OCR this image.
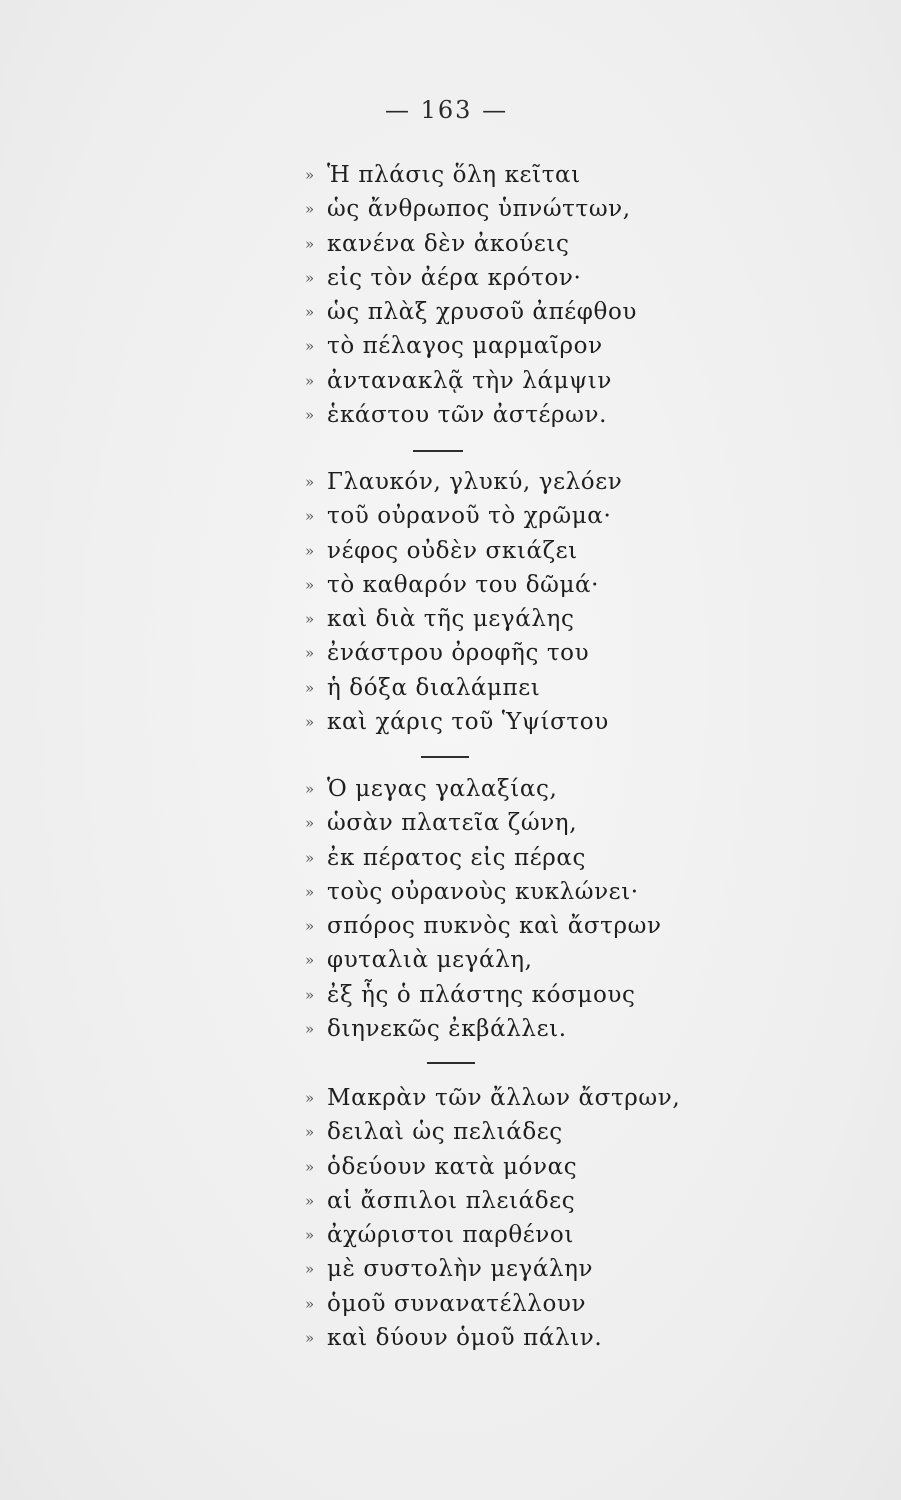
— 163 —
» Ἡ πλάσις ὅλη κεῖται
» ὡς ἄνθρωπος ὑπνώττων,
» κανένα δὲν ἀκούεις
» εἰς τὸν ἀέρα κρότον·
» ὡς πλὰξ χρυσοῦ ἀπέφθου
» τὸ πέλαγος μαρμαῖρον
» ἀντανακλᾷ τὴν λάμψιν
» ἑκάστου τῶν ἀστέρων.
» Γλαυκόν, γλυκύ, γελόεν
» τοῦ οὐρανοῦ τὸ χρῶμα·
» νέφος οὐδὲν σκιάζει
» τὸ καθαρόν του δῶμά·
» καὶ διὰ τῆς μεγάλης
» ἐνάστρου ὀροφῆς του
» ἡ δόξα διαλάμπει
» καὶ χάρις τοῦ Ὑψίστου
» Ὁ μεγας γαλαξίας,
» ὡσὰν πλατεῖα ζώνη,
» ἐκ πέρατος εἰς πέρας
» τοὺς οὐρανοὺς κυκλώνει·
» σπόρος πυκνὸς καὶ ἄστρων
» φυταλιὰ μεγάλη,
» ἐξ ἧς ὁ πλάστης κόσμους
» διηνεκῶς ἐκβάλλει.
» Μακρὰν τῶν ἄλλων ἄστρων,
» δειλαὶ ὡς πελιάδες
» ὁδεύουν κατὰ μόνας
» αἱ ἄσπιλοι πλειάδες
» ἀχώριστοι παρθένοι
» μὲ συστολὴν μεγάλην
» ὁμοῦ συνανατέλλουν
» καὶ δύουν ὁμοῦ πάλιν.
